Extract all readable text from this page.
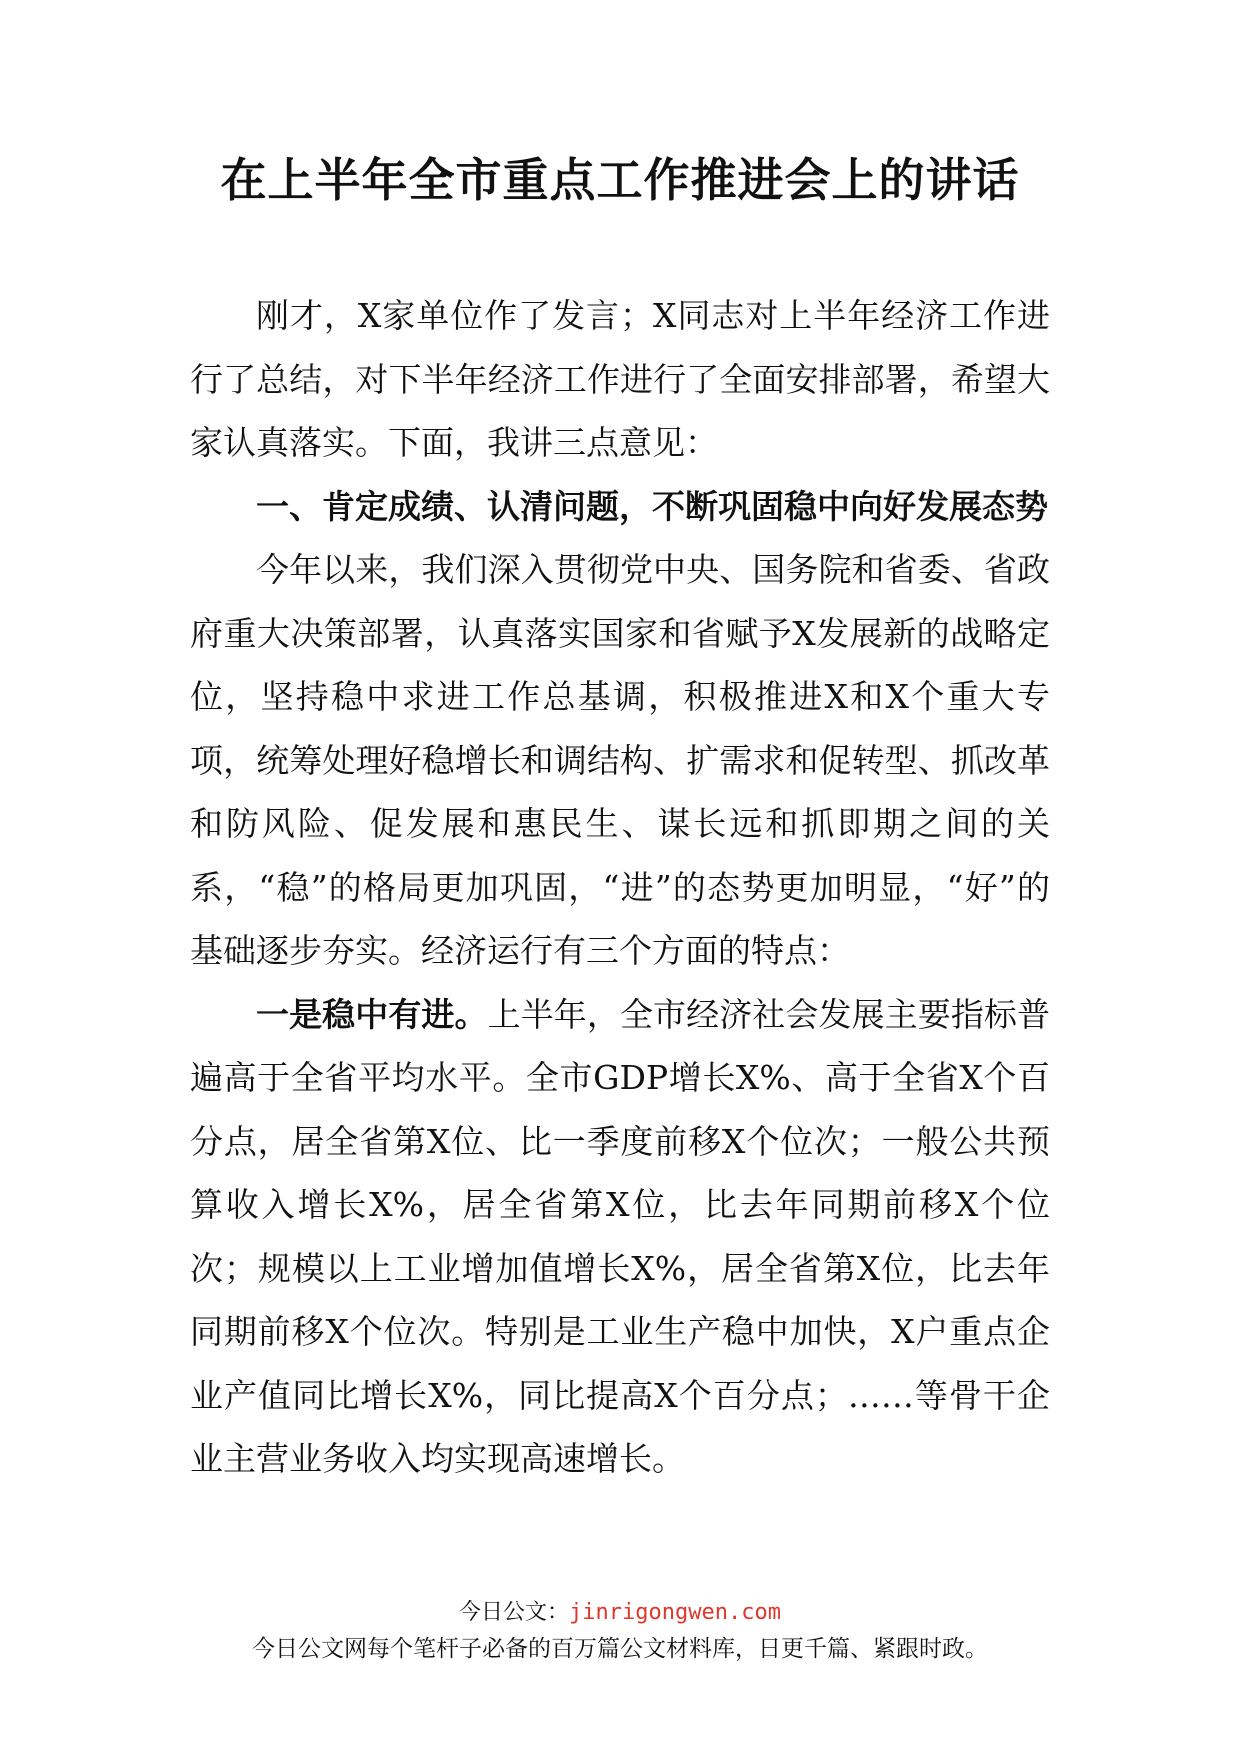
在上半年全市重点工作推进会上的讲话

刚才，X家单位作了发言；X同志对上半年经济工作进行了总结，对下半年经济工作进行了全面安排部署，希望大家认真落实。下面，我讲三点意见：

一、肯定成绩、认清问题，不断巩固稳中向好发展态势

今年以来，我们深入贯彻党中央、国务院和省委、省政府重大决策部署，认真落实国家和省赋予X发展新的战略定位，坚持稳中求进工作总基调，积极推进X和X个重大专项，统筹处理好稳增长和调结构、扩需求和促转型、抓改革和防风险、促发展和惠民生、谋长远和抓即期之间的关系，“稳”的格局更加巩固，“进”的态势更加明显，“好”的基础逐步夯实。经济运行有三个方面的特点：

一是稳中有进。上半年，全市经济社会发展主要指标普遍高于全省平均水平。全市GDP增长X%、高于全省X个百分点，居全省第X位、比一季度前移X个位次；一般公共预算收入增长X%，居全省第X位，比去年同期前移X个位次；规模以上工业增加值增长X%，居全省第X位，比去年同期前移X个位次。特别是工业生产稳中加快，X户重点企业产值同比增长X%，同比提高X个百分点；……等骨干企业主营业务收入均实现高速增长。

今日公文：jinrigongwen.com
今日公文网每个笔杆子必备的百万篇公文材料库，日更千篇、紧跟时政。
